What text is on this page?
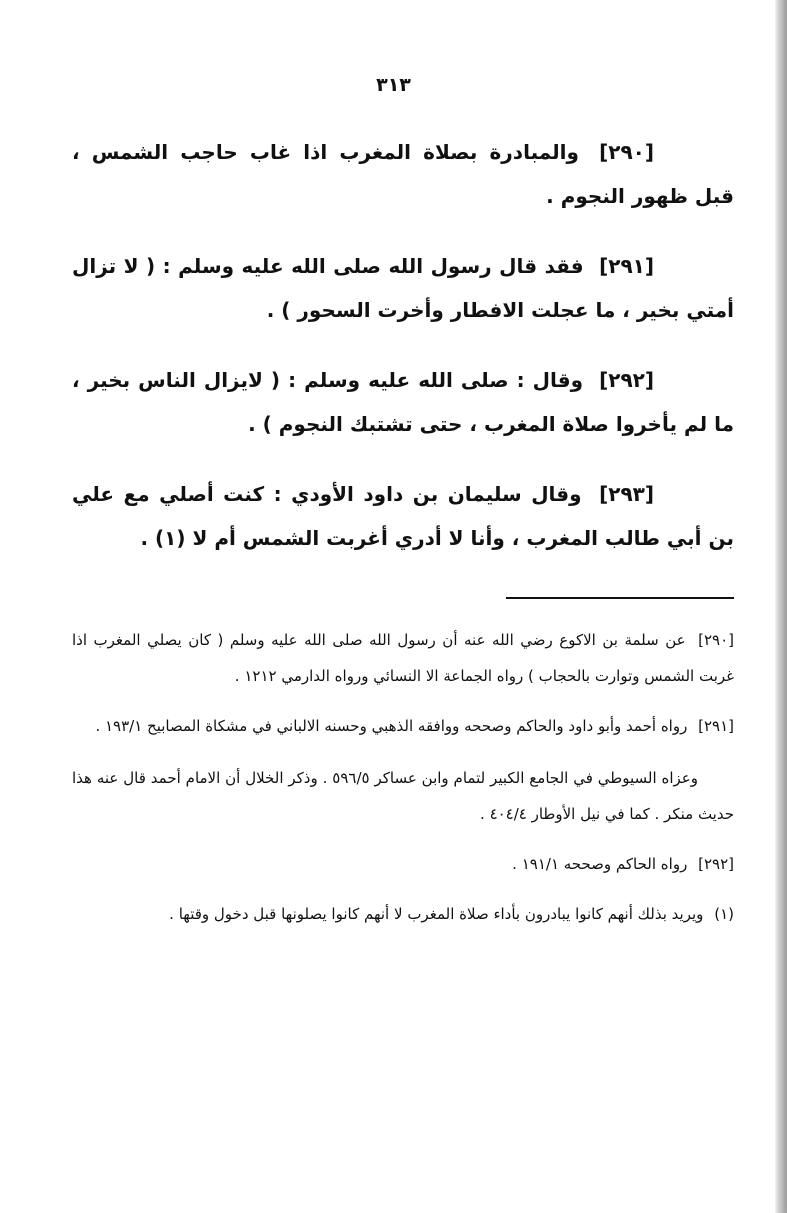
٣١٣

[٢٩٠] والمبادرة بصلاة المغرب اذا غاب حاجب الشمس ، قبل ظهور النجوم .

[٢٩١] فقد قال رسول الله صلى الله عليه وسلم : ( لا تزال أمتي بخير ، ما عجلت الافطار وأخرت السحور ) .

[٢٩٢] وقال : صلى الله عليه وسلم : ( لايزال الناس بخير ، ما لم يأخروا صلاة المغرب ، حتى تشتبك النجوم ) .

[٢٩٣] وقال سليمان بن داود الأودي : كنت أصلي مع علي بن أبي طالب المغرب ، وأنا لا أدري أغربت الشمس أم لا (١) .

[٢٩٠] عن سلمة بن الاكوع رضي الله عنه أن رسول الله صلى الله عليه وسلم ( كان يصلي المغرب اذا غربت الشمس وتوارت بالحجاب ) رواه الجماعة الا النسائي ورواه الدارمي ١٢١٢ .

[٢٩١] رواه أحمد وأبو داود والحاكم وصححه ووافقه الذهبي وحسنه الالباني في مشكاة المصابيح ١٩٣/١ .

وعزاه السيوطي في الجامع الكبير لتمام وابن عساكر ٥٩٦/٥ . وذكر الخلال أن الامام أحمد قال عنه هذا حديث منكر . كما في نيل الأوطار ٤٠٤/٤ .

[٢٩٢] رواه الحاكم وصححه ١٩١/١ .

(١) ويريد بذلك أنهم كانوا يبادرون بأداء صلاة المغرب لا أنهم كانوا يصلونها قبل دخول وقتها .
